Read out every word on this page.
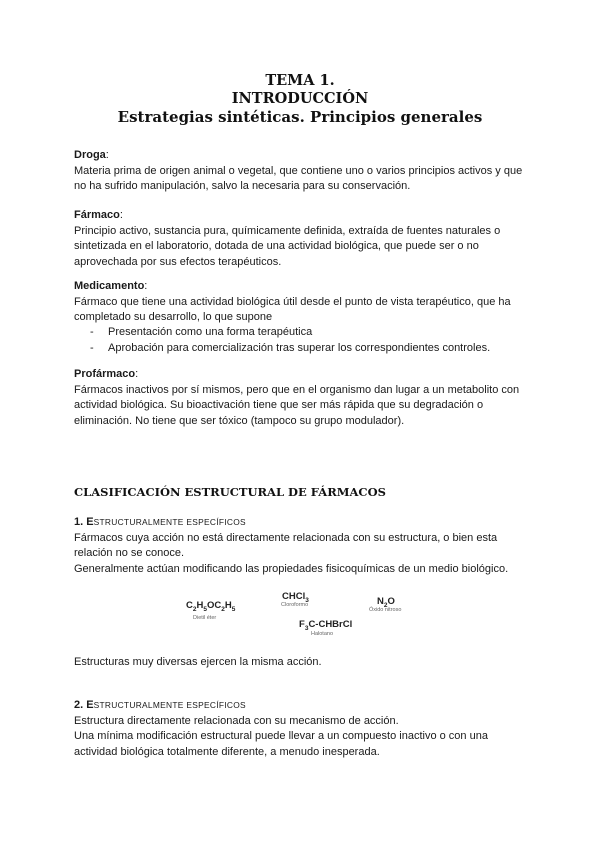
TEMA 1.
INTRODUCCIÓN
Estrategias sintéticas. Principios generales
Droga:
Materia prima de origen animal o vegetal, que contiene uno o varios principios activos y que
no ha sufrido manipulación, salvo la necesaria para su conservación.
Fármaco:
Principio activo, sustancia pura, químicamente definida, extraída de fuentes naturales o
sintetizada en el laboratorio, dotada de una actividad biológica, que puede ser o no
aprovechada por sus efectos terapéuticos.
Medicamento:
Fármaco que tiene una actividad biológica útil desde el punto de vista terapéutico, que ha
completado su desarrollo, lo que supone
- Presentación como una forma terapéutica
- Aprobación para comercialización tras superar los correspondientes controles.
Profármaco:
Fármacos inactivos por sí mismos, pero que en el organismo dan lugar a un metabolito con
actividad biológica. Su bioactivación tiene que ser más rápida que su degradación o
eliminación. No tiene que ser tóxico (tampoco su grupo modulador).
CLASIFICACIÓN ESTRUCTURAL DE FÁRMACOS
1. ESTRUCTURALMENTE ESPECÍFICOS
Fármacos cuya acción no está directamente relacionada con su estructura, o bien esta
relación no se conoce.
Generalmente actúan modificando las propiedades fisicoquímicas de un medio biológico.
$C_2H_5OC_2H_5$
Dietil éter
CHCl$_3$
Cloroformo	$N_2O$
Óxido nitroso
$F_3C$-CHBrCl
Halotano
Estructuras muy diversas ejercen la misma acción.
2. ESTRUCTURALMENTE ESPECÍFICOS
Estructura directamente relacionada con su mecanismo de acción.
Una mínima modificación estructural puede llevar a un compuesto inactivo o con una
actividad biológica totalmente diferente, a menudo inesperada.
